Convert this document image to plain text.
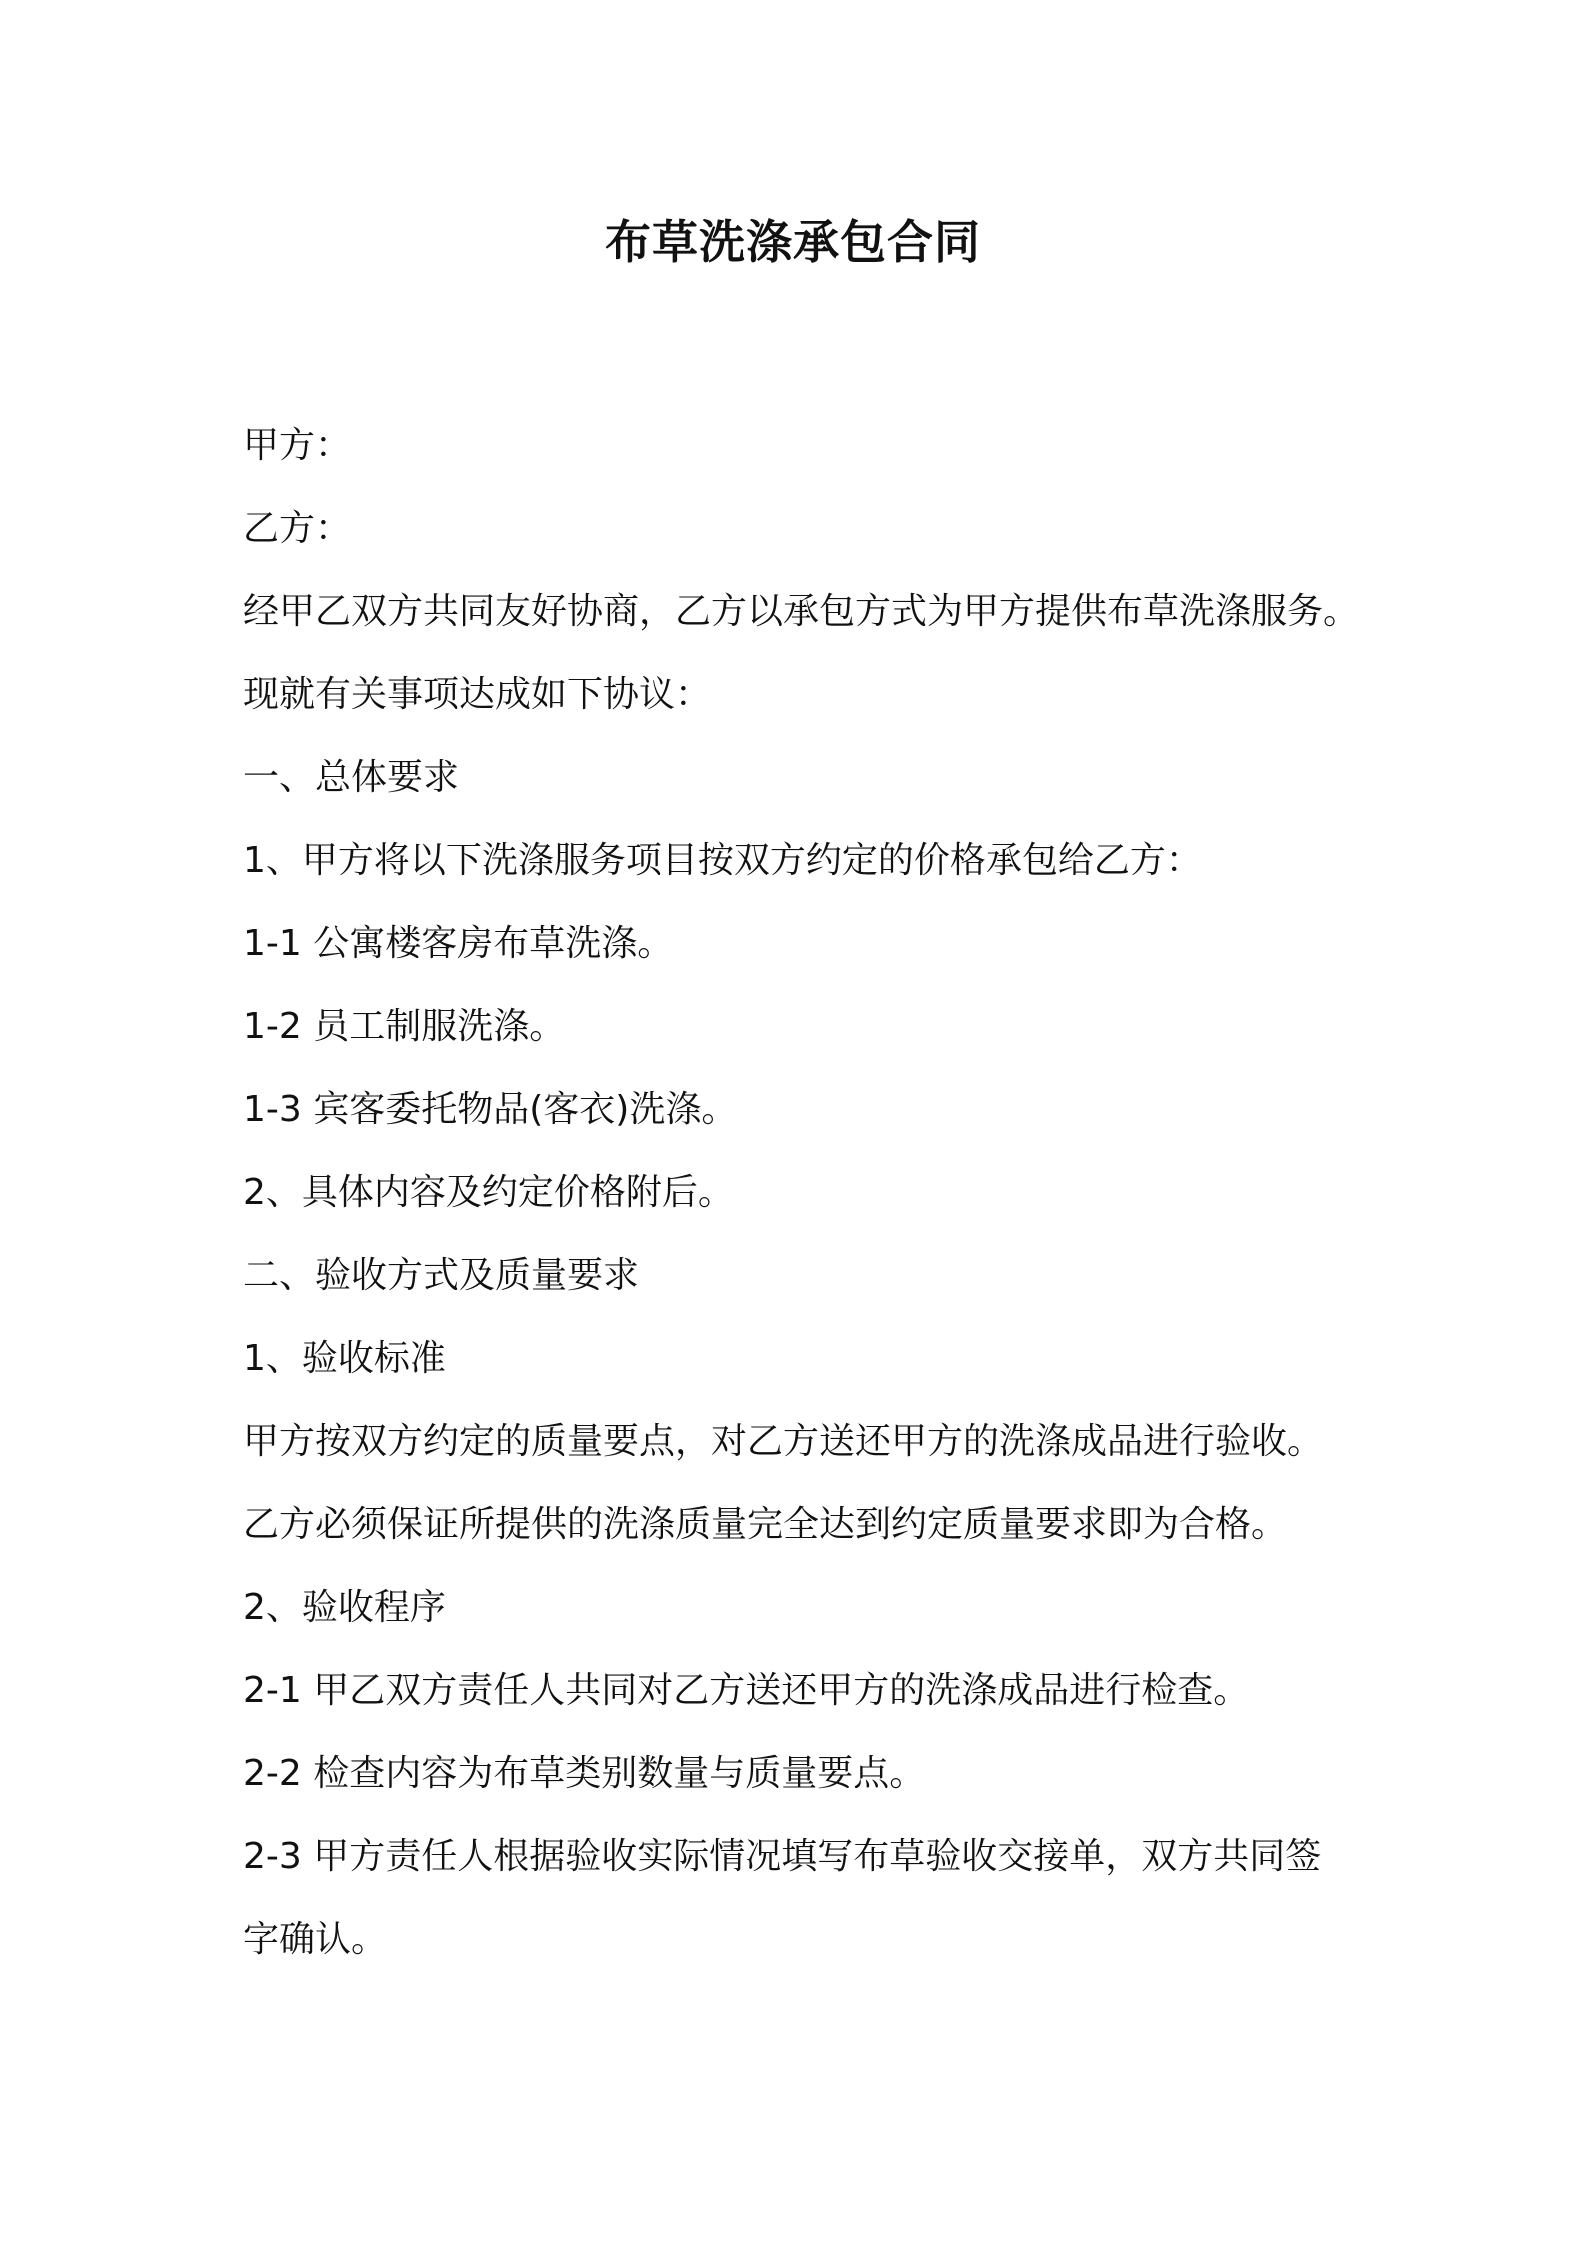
布草洗涤承包合同
甲方：
乙方：
经甲乙双方共同友好协商，乙方以承包方式为甲方提供布草洗涤服务。
现就有关事项达成如下协议：
一、总体要求
1、甲方将以下洗涤服务项目按双方约定的价格承包给乙方：
1-1 公寓楼客房布草洗涤。
1-2 员工制服洗涤。
1-3 宾客委托物品(客衣)洗涤。
2、具体内容及约定价格附后。
二、验收方式及质量要求
1、验收标准
甲方按双方约定的质量要点，对乙方送还甲方的洗涤成品进行验收。
乙方必须保证所提供的洗涤质量完全达到约定质量要求即为合格。
2、验收程序
2-1 甲乙双方责任人共同对乙方送还甲方的洗涤成品进行检查。
2-2 检查内容为布草类别数量与质量要点。
2-3 甲方责任人根据验收实际情况填写布草验收交接单，双方共同签
字确认。
